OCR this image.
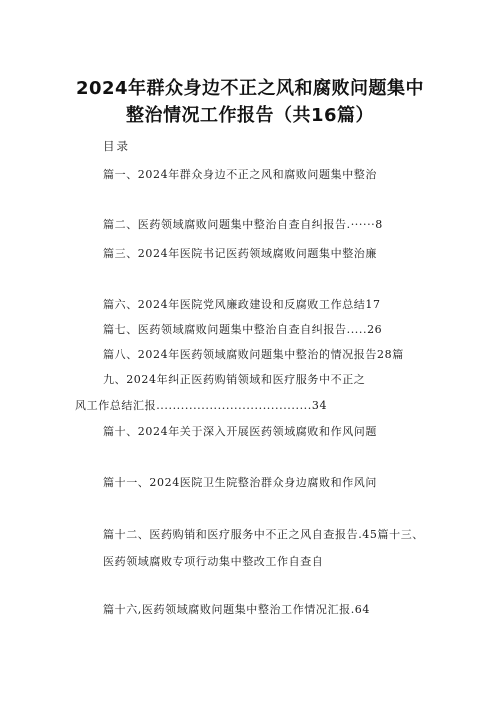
2024年群众身边不正之风和腐败问题集中
整治情况工作报告（共16篇）
目录
篇一、2024年群众身边不正之风和腐败问题集中整治
篇二、医药领域腐败问题集中整治自查自纠报告.······8
篇三、2024年医院书记医药领域腐败问题集中整治廉
篇六、2024年医院党风廉政建设和反腐败工作总结17
篇七、医药领域腐败问题集中整治自查自纠报告.....26
篇八、2024年医药领域腐败问题集中整治的情况报告28篇
九、2024年纠正医药购销领域和医疗服务中不正之
风工作总结汇报......................................34
篇十、2024年关于深入开展医药领域腐败和作风问题
篇十一、2024医院卫生院整治群众身边腐败和作风问
篇十二、医药购销和医疗服务中不正之风自查报告.45篇十三、
医药领域腐败专项行动集中整改工作自查自
篇十六,医药领域腐败问题集中整治工作情况汇报.64
